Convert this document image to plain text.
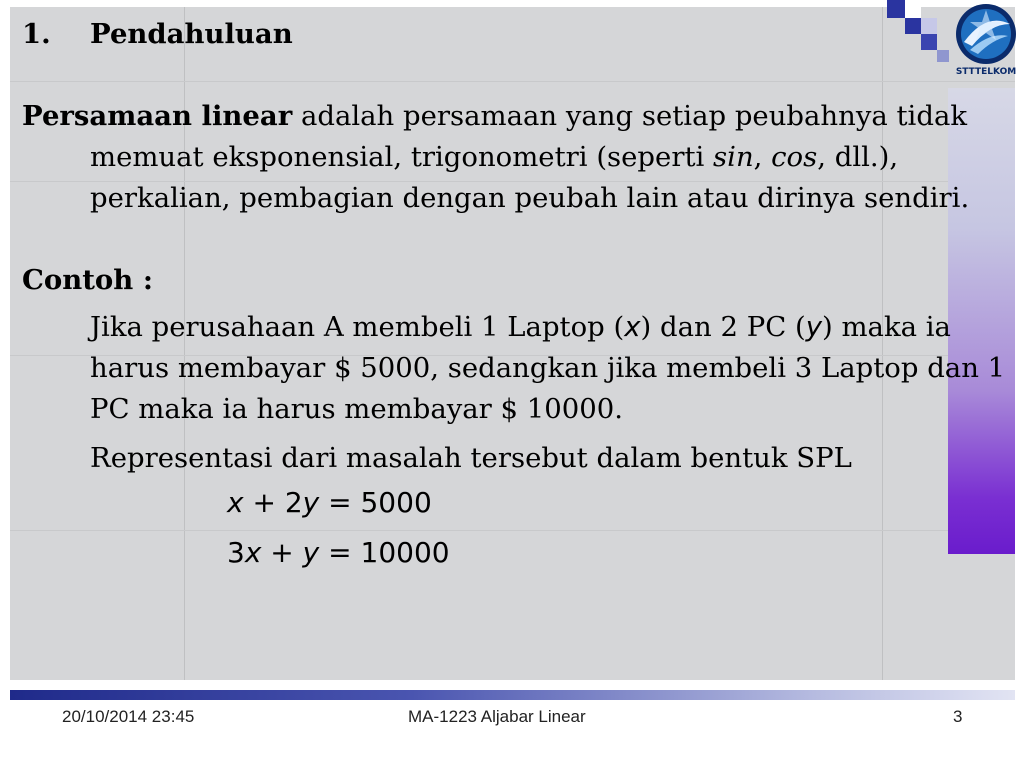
STTTELKOM

1. Pendahuluan

Persamaan linear adalah persamaan yang setiap peubahnya tidak memuat eksponensial, trigonometri (seperti sin, cos, dll.), perkalian, pembagian dengan peubah lain atau dirinya sendiri.

Contoh :

Jika perusahaan A membeli 1 Laptop (x) dan 2 PC (y) maka ia harus membayar $ 5000, sedangkan jika membeli 3 Laptop dan 1 PC maka ia harus membayar $ 10000.

Representasi dari masalah tersebut dalam bentuk SPL

x + 2y = 5000

3x + y = 10000

20/10/2014 23:45	MA-1223 Aljabar Linear	3
